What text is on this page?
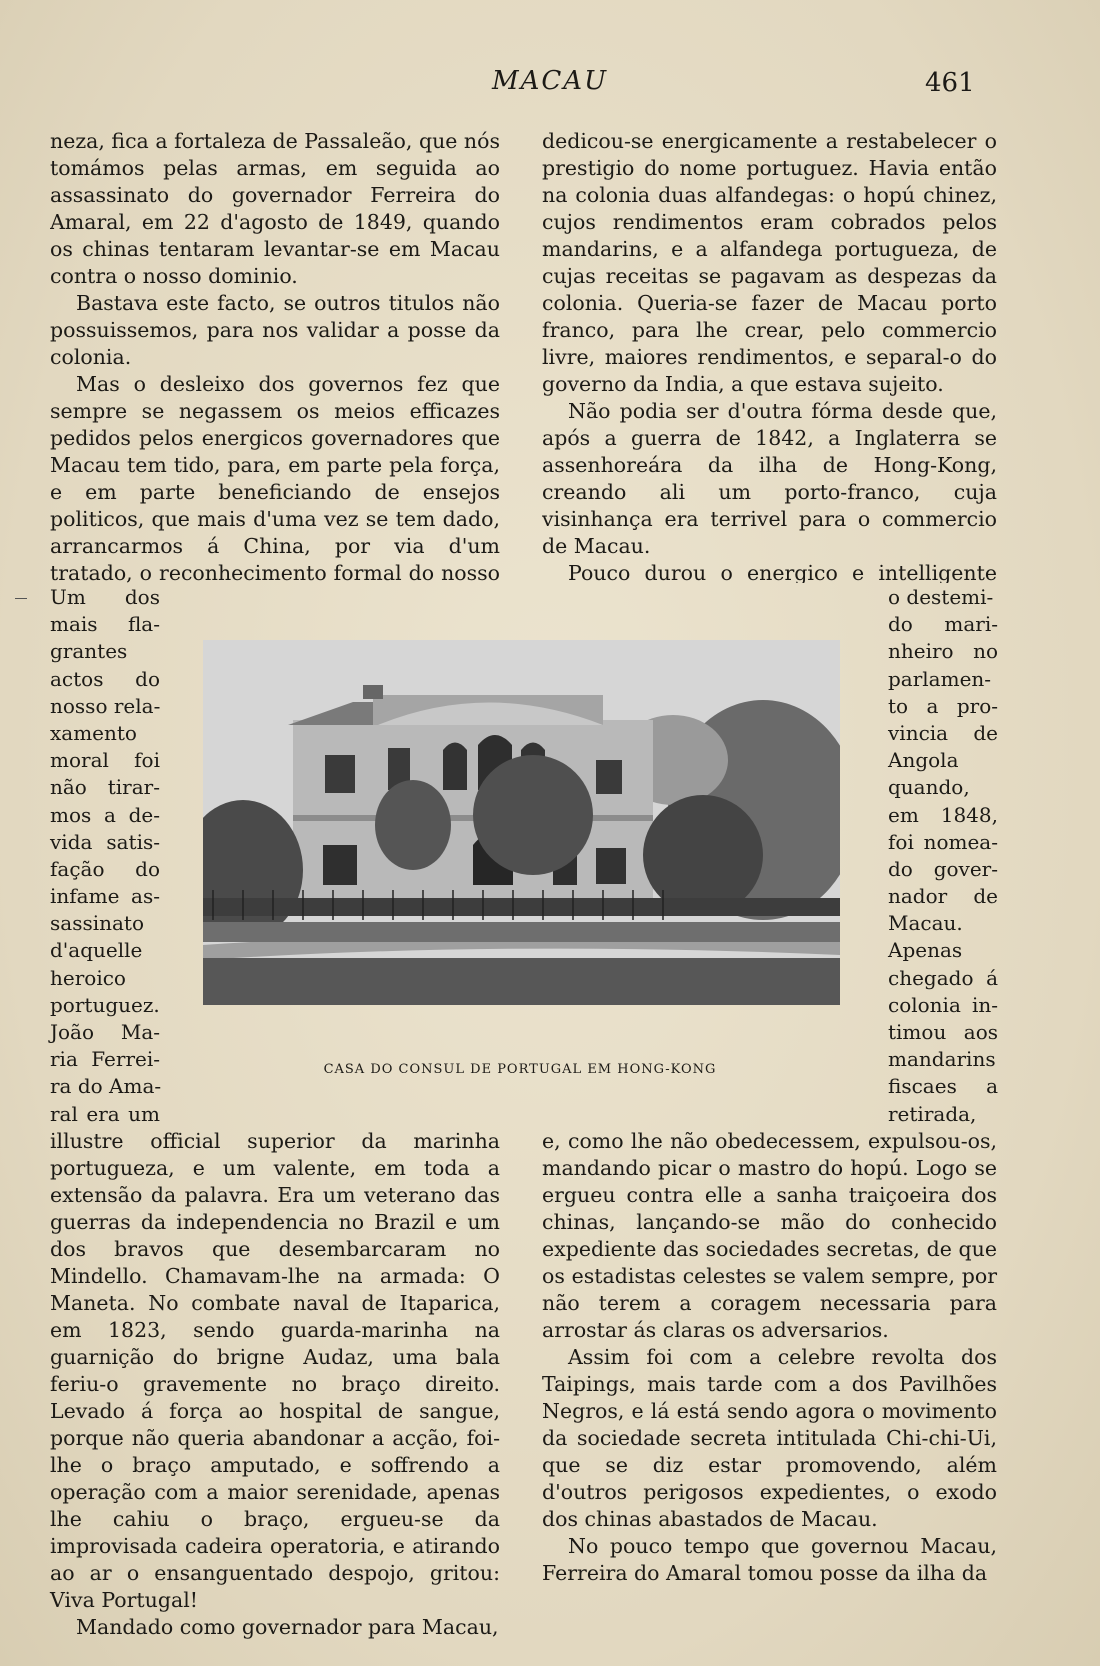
MACAU	461

neza, fica a fortaleza de Passaleão, que nós tomámos pelas armas, em seguida ao assassinato do governador Ferreira do Amaral, em 22 d'agosto de 1849, quando os chinas tentaram levantar-se em Macau contra o nosso dominio.

Bastava este facto, se outros titulos não possuissemos, para nos validar a posse da colonia.

Mas o desleixo dos governos fez que sempre se negassem os meios efficazes pedidos pelos energicos governadores que Macau tem tido, para, em parte pela força, e em parte beneficiando de ensejos politicos, que mais d'uma vez se tem dado, arrancarmos á China, por via d'um tratado, o reconhecimento formal do nosso

dedicou-se energicamente a restabelecer o prestigio do nome portuguez. Havia então na colonia duas alfandegas: o hopú chinez, cujos rendimentos eram cobrados pelos mandarins, e a alfandega portugueza, de cujas receitas se pagavam as despezas da colonia. Queria-se fazer de Macau porto franco, para lhe crear, pelo commercio livre, maiores rendimentos, e separal-o do governo da India, a que estava sujeito.

Não podia ser d'outra fórma desde que, após a guerra de 1842, a Inglaterra se assenhoreára da ilha de Hong-Kong, creando ali um porto-franco, cuja visinhança era terrivel para o commercio de Macau.

Pouco durou o energico e intelligente

Um dos
mais fla-
grantes
actos do
nosso rela-
xamento
moral foi
não tirar-
mos a de-
vida satis-
fação do
infame as-
sassinato
d'aquelle
heroico
portuguez.
João Ma-
ria Ferrei-
ra do Ama-
ral era um
o destemi-
do mari-
nheiro no
parlamen-
to a pro-
vincia de
Angola
quando,
em 1848,
foi nomea-
do gover-
nador de
Macau.
Apenas
chegado á
colonia in-
timou aos
mandarins
fiscaes a
retirada,
CASA DO CONSUL DE PORTUGAL EM HONG-KONG

illustre official superior da marinha portugueza, e um valente, em toda a extensão da palavra. Era um veterano das guerras da independencia no Brazil e um dos bravos que desembarcaram no Mindello. Chamavam-lhe na armada: O Maneta. No combate naval de Itaparica, em 1823, sendo guarda-marinha na guarnição do brigne Audaz, uma bala feriu-o gravemente no braço direito. Levado á força ao hospital de sangue, porque não queria abandonar a acção, foi-lhe o braço amputado, e soffrendo a operação com a maior serenidade, apenas lhe cahiu o braço, ergueu-se da improvisada cadeira operatoria, e atirando ao ar o ensanguentado despojo, gritou: Viva Portugal!

Mandado como governador para Macau,

e, como lhe não obedecessem, expulsou-os, mandando picar o mastro do hopú. Logo se ergueu contra elle a sanha traiçoeira dos chinas, lançando-se mão do conhecido expediente das sociedades secretas, de que os estadistas celestes se valem sempre, por não terem a coragem necessaria para arrostar ás claras os adversarios.

Assim foi com a celebre revolta dos Taipings, mais tarde com a dos Pavilhões Negros, e lá está sendo agora o movimento da sociedade secreta intitulada Chi-chi-Ui, que se diz estar promovendo, além d'outros perigosos expedientes, o exodo dos chinas abastados de Macau.

No pouco tempo que governou Macau, Ferreira do Amaral tomou posse da ilha da
